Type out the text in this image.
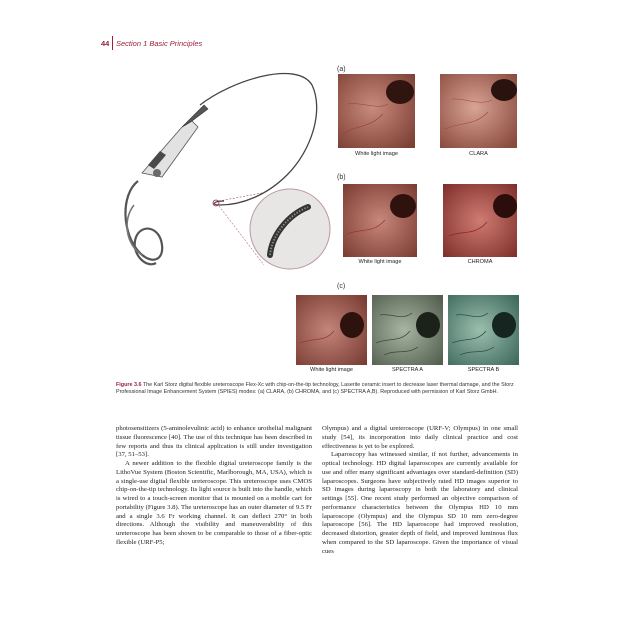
44 Section 1 Basic Principles
(a)
(b)
(c)
White light image	CLARA
White light image	CHROMA
White light image	SPECTRA A	SPECTRA B
Figure 3.6 The Karl Storz digital flexible ureteroscope Flex-Xc with chip-on-the-tip technology, Laserite ceramic insert to decrease laser thermal damage, and the Storz Professional Image Enhancement System (SPIES) modes: (a) CLARA, (b) CHROMA, and (c) SPECTRA A,B). Reproduced with permission of Karl Storz GmbH.

photosensitizers (5-aminolevulinic acid) to enhance urothelial malignant tissue fluorescence [40]. The use of this technique has been described in few reports and thus its clinical application is still under investigation [37, 51–53].

A newer addition to the flexible digital ureteroscope family is the LithoVue System (Boston Scientific, Marlborough, MA, USA), which is a single-use digital flexible ureteroscope. This ureteroscope uses CMOS chip-on-the-tip technology. Its light source is built into the handle, which is wired to a touch-screen monitor that is mounted on a mobile cart for portability (Figure 3.8). The ureteroscope has an outer diameter of 9.5 Fr and a single 3.6 Fr working channel. It can deflect 270° in both directions. Although the visibility and maneuverability of this ureteroscope has been shown to be comparable to those of a fiber-optic flexible (URF-P5;

Olympus) and a digital ureteroscope (URF-V; Olympus) in one small study [54], its incorporation into daily clinical practice and cost effectiveness is yet to be explored.

Laparoscopy has witnessed similar, if not further, advancements in optical technology. HD digital laparoscopes are currently available for use and offer many significant advantages over standard-definition (SD) laparoscopes. Surgeons have subjectively rated HD images superior to SD images during laparoscopy in both the laboratory and clinical settings [55]. One recent study performed an objective comparison of performance characteristics between the Olympus HD 10 mm laparoscope (Olympus) and the Olympus SD 10 mm zero-degree laparoscope [56]. The HD laparoscope had improved resolution, decreased distortion, greater depth of field, and improved luminous flux when compared to the SD laparoscope. Given the importance of visual cues
